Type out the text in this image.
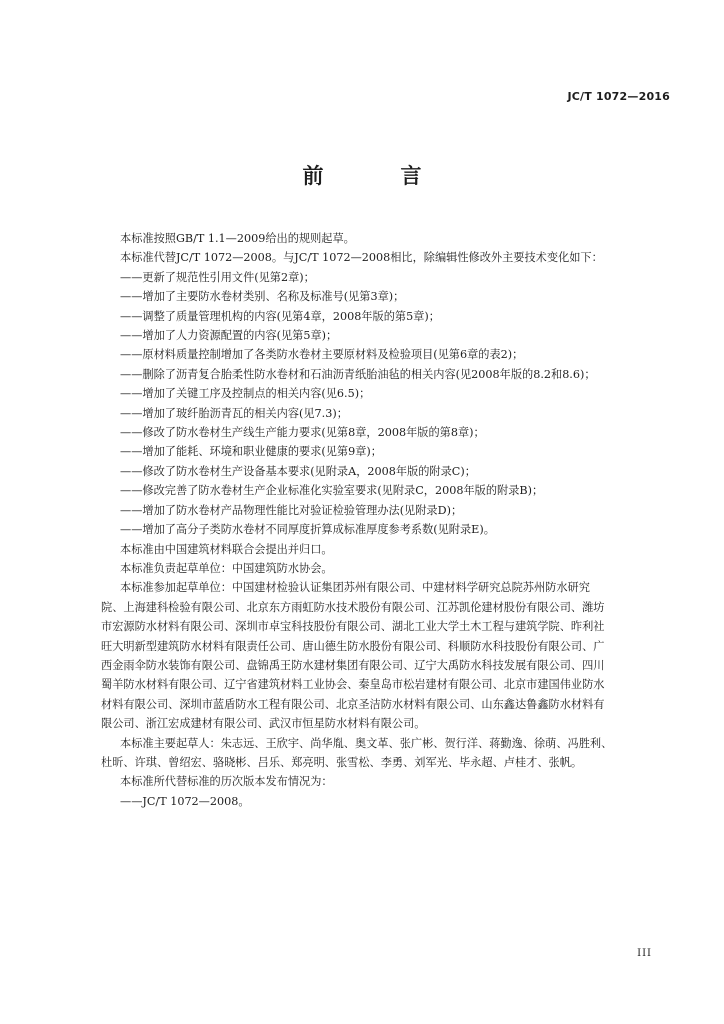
JC/T 1072—2016
前　言

本标准按照GB/T 1.1—2009给出的规则起草。

本标准代替JC/T 1072—2008。与JC/T 1072—2008相比，除编辑性修改外主要技术变化如下：

——更新了规范性引用文件(见第2章)；

——增加了主要防水卷材类别、名称及标准号(见第3章)；

——调整了质量管理机构的内容(见第4章，2008年版的第5章)；

——增加了人力资源配置的内容(见第5章)；

——原材料质量控制增加了各类防水卷材主要原材料及检验项目(见第6章的表2)；

——删除了沥青复合胎柔性防水卷材和石油沥青纸胎油毡的相关内容(见2008年版的8.2和8.6)；

——增加了关键工序及控制点的相关内容(见6.5)；

——增加了玻纤胎沥青瓦的相关内容(见7.3)；

——修改了防水卷材生产线生产能力要求(见第8章，2008年版的第8章)；

——增加了能耗、环境和职业健康的要求(见第9章)；

——修改了防水卷材生产设备基本要求(见附录A，2008年版的附录C)；

——修改完善了防水卷材生产企业标准化实验室要求(见附录C，2008年版的附录B)；

——增加了防水卷材产品物理性能比对验证检验管理办法(见附录D)；

——增加了高分子类防水卷材不同厚度折算成标准厚度参考系数(见附录E)。

本标准由中国建筑材料联合会提出并归口。

本标准负责起草单位：中国建筑防水协会。

本标准参加起草单位：中国建材检验认证集团苏州有限公司、中建材料学研究总院苏州防水研究

院、上海建科检验有限公司、北京东方雨虹防水技术股份有限公司、江苏凯伦建材股份有限公司、潍坊

市宏源防水材料有限公司、深圳市卓宝科技股份有限公司、湖北工业大学土木工程与建筑学院、昨利社

旺大明新型建筑防水材料有限责任公司、唐山德生防水股份有限公司、科顺防水科技股份有限公司、广

西金雨伞防水装饰有限公司、盘锦禹王防水建材集团有限公司、辽宁大禹防水科技发展有限公司、四川

蜀羊防水材料有限公司、辽宁省建筑材料工业协会、秦皇岛市松岩建材有限公司、北京市建国伟业防水

材料有限公司、深圳市蓝盾防水工程有限公司、北京圣洁防水材料有限公司、山东鑫达鲁鑫防水材料有

限公司、浙江宏成建材有限公司、武汉市恒星防水材料有限公司。

本标准主要起草人：朱志远、王欣宇、尚华胤、奥文革、张广彬、贺行洋、蒋勤逸、徐萌、冯胜利、

杜昕、许琪、曾绍宏、骆晓彬、吕乐、郑亮明、张雪松、李勇、刘军光、毕永超、卢桂才、张帆。

本标准所代替标准的历次版本发布情况为：

——JC/T 1072—2008。

III
